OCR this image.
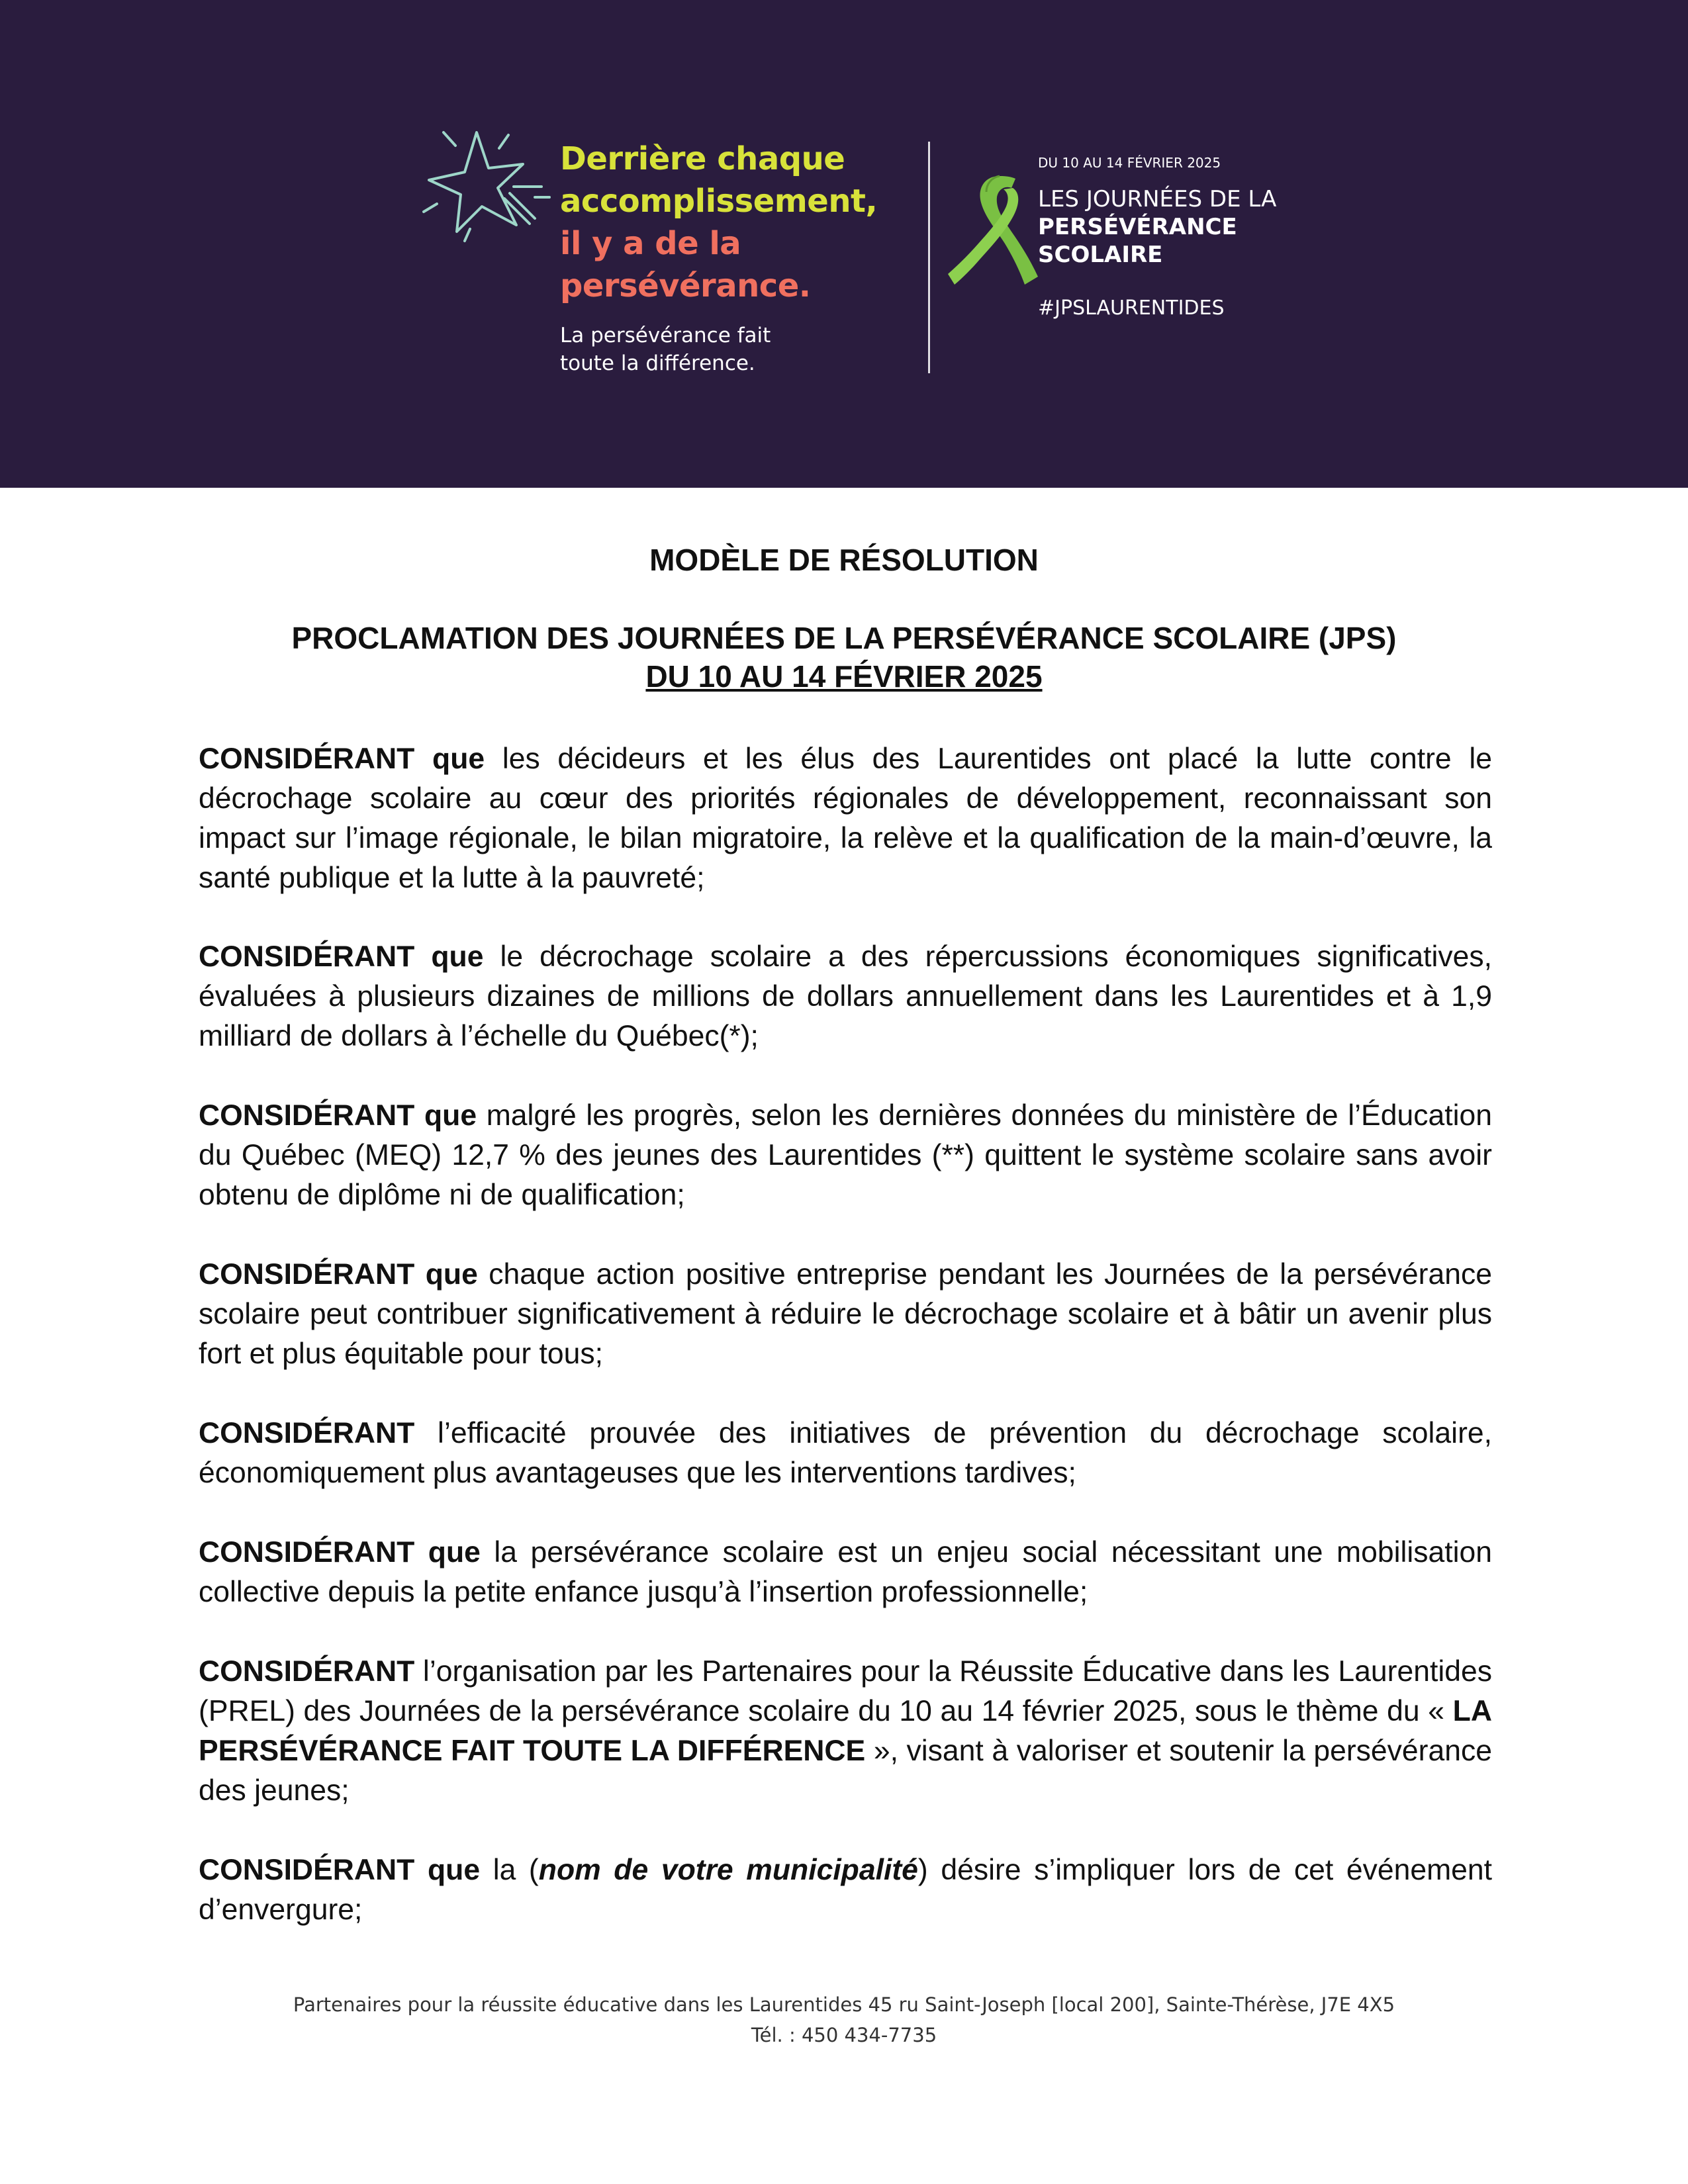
Derrière chaque
accomplissement,
il y a de la
persévérance.
La persévérance fait
toute la différence.
DU 10 AU 14 FÉVRIER 2025
LES JOURNÉES DE LA
PERSÉVÉRANCE
SCOLAIRE
#JPSLAURENTIDES
MODÈLE DE RÉSOLUTION
PROCLAMATION DES JOURNÉES DE LA PERSÉVÉRANCE SCOLAIRE (JPS)
DU 10 AU 14 FÉVRIER 2025

CONSIDÉRANT que les décideurs et les élus des Laurentides ont placé la lutte contre le décrochage scolaire au cœur des priorités régionales de développement, reconnaissant son impact sur l’image régionale, le bilan migratoire, la relève et la qualification de la main-d’œuvre, la santé publique et la lutte à la pauvreté;

CONSIDÉRANT que le décrochage scolaire a des répercussions économiques significatives, évaluées à plusieurs dizaines de millions de dollars annuellement dans les Laurentides et à 1,9 milliard de dollars à l’échelle du Québec(*);

CONSIDÉRANT que malgré les progrès, selon les dernières données du ministère de l’Éducation du Québec (MEQ) 12,7 % des jeunes des Laurentides (**) quittent le système scolaire sans avoir obtenu de diplôme ni de qualification;

CONSIDÉRANT que chaque action positive entreprise pendant les Journées de la persévérance scolaire peut contribuer significativement à réduire le décrochage scolaire et à bâtir un avenir plus fort et plus équitable pour tous;

CONSIDÉRANT l’efficacité prouvée des initiatives de prévention du décrochage scolaire, économiquement plus avantageuses que les interventions tardives;

CONSIDÉRANT que la persévérance scolaire est un enjeu social nécessitant une mobilisation collective depuis la petite enfance jusqu’à l’insertion professionnelle;

CONSIDÉRANT l’organisation par les Partenaires pour la Réussite Éducative dans les Laurentides (PREL) des Journées de la persévérance scolaire du 10 au 14 février 2025, sous le thème du « LA PERSÉVÉRANCE FAIT TOUTE LA DIFFÉRENCE », visant à valoriser et soutenir la persévérance des jeunes;

CONSIDÉRANT que la (nom de votre municipalité) désire s’impliquer lors de cet événement d’envergure;

Partenaires pour la réussite éducative dans les Laurentides 45 ru Saint-Joseph [local 200], Sainte-Thérèse, J7E 4X5
Tél. : 450 434-7735
